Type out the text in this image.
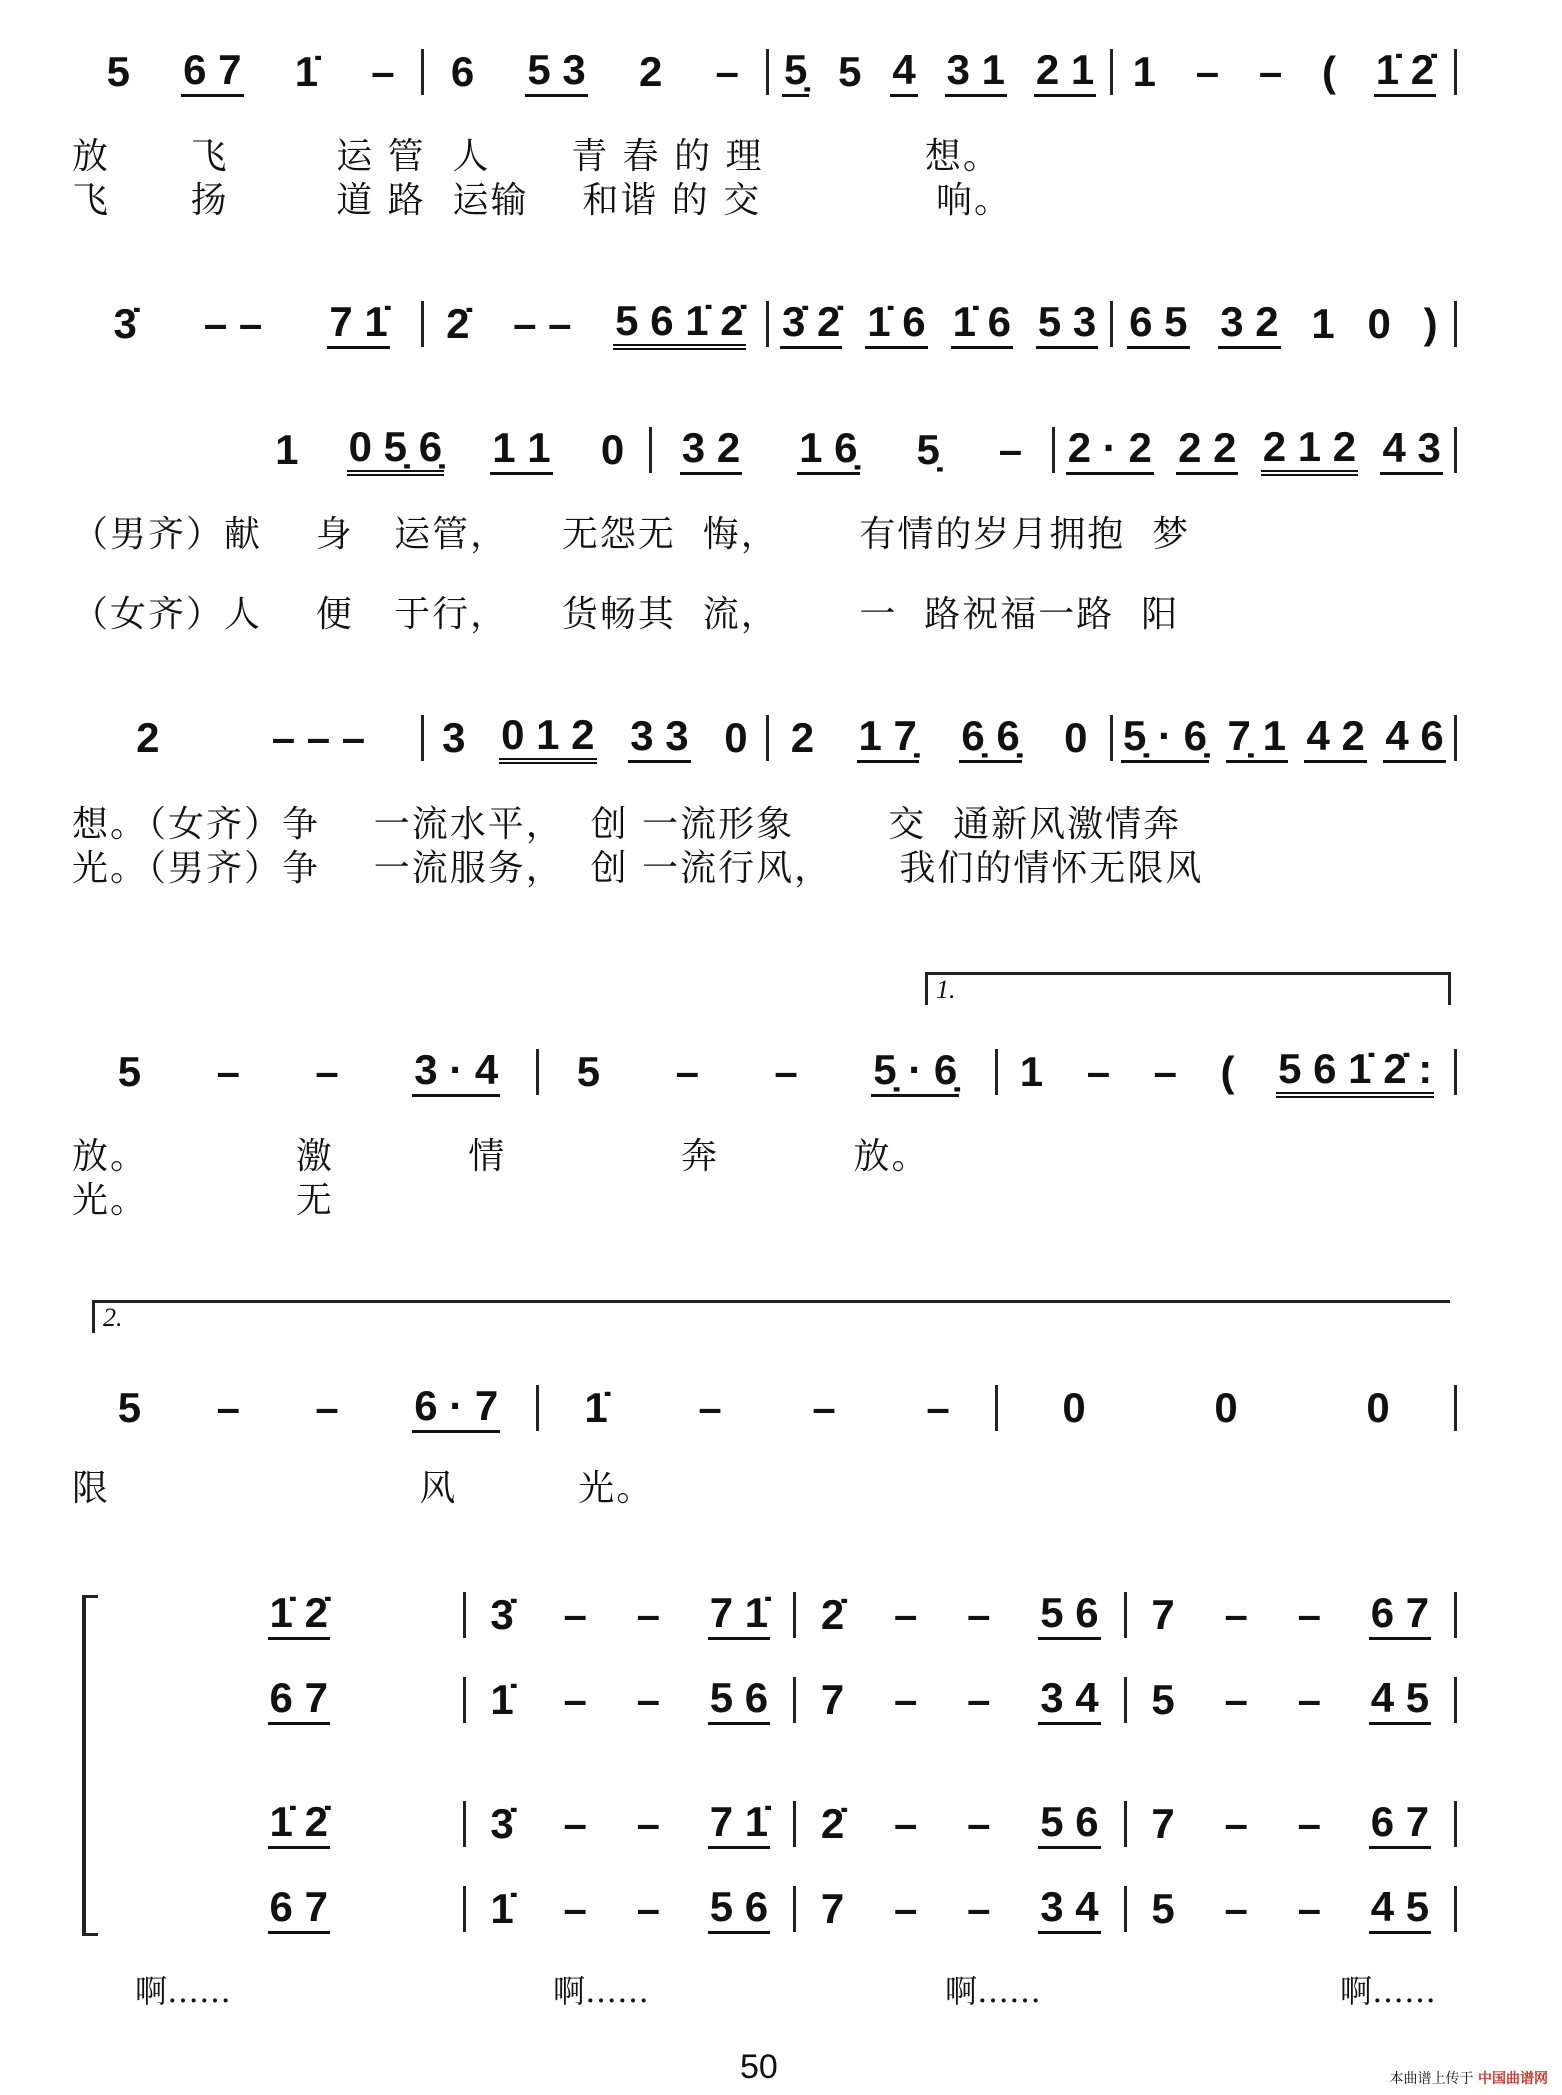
5 6 7 1̇ – 6 5 3 2 – 5̣ 5 4 3 1 2 1 1 – – ( 1̇ 2̇
放      飞        运 管  人      青 春 的 理            想。
飞      扬        道 路  运输    和谐 的 交             响。
3̇ – – 7 1̇ 2̇ – – 5 6 1̇ 2̇ 3̇ 2̇ 1̇ 6 1̇ 6 5 3 6 5 3 2 1 0 )
1 0 5̣ 6̣ 1 1 0 3 2 1 6̣ 5̣ – 2 · 2 2 2 2 1 2 4 3
（男齐）献    身   运管，    无怨无  悔，      有情的岁月拥抱  梦
（女齐）人    便   于行，    货畅其  流，      一  路祝福一路  阳
2	– – – 3 0 1 2 3 3 0 2 1 7̣ 6̣ 6̣ 0 5̣ · 6̣ 7̣ 1 4 2 4 6
想。（女齐）争    一流水平，  创 一流形象       交  通新风激情奔
光。（男齐）争    一流服务，  创 一流行风，     我们的情怀无限风
1.
5 – – 3 · 4 5 – – 5̣ · 6̣ 1 – – ( 5 6 1̇ 2̇ :
放。           激          情             奔          放。
光。           无
2.
5 – – 6 · 7 1̇ – – –	0	0	0
限                       风         光。
1̇ 2̇	3̇ – – 7 1̇ 2̇ – – 5 6 7 – – 6 7
6 7	1̇ – – 5 6 7 – – 3 4 5 – – 4 5
1̇ 2̇	3̇ – – 7 1̇ 2̇ – – 5 6 7 – – 6 7
6 7	1̇ – – 5 6 7 – – 3 4 5 – – 4 5
啊……	啊……	啊……	啊……
50	本曲谱上传于 中国曲谱网
